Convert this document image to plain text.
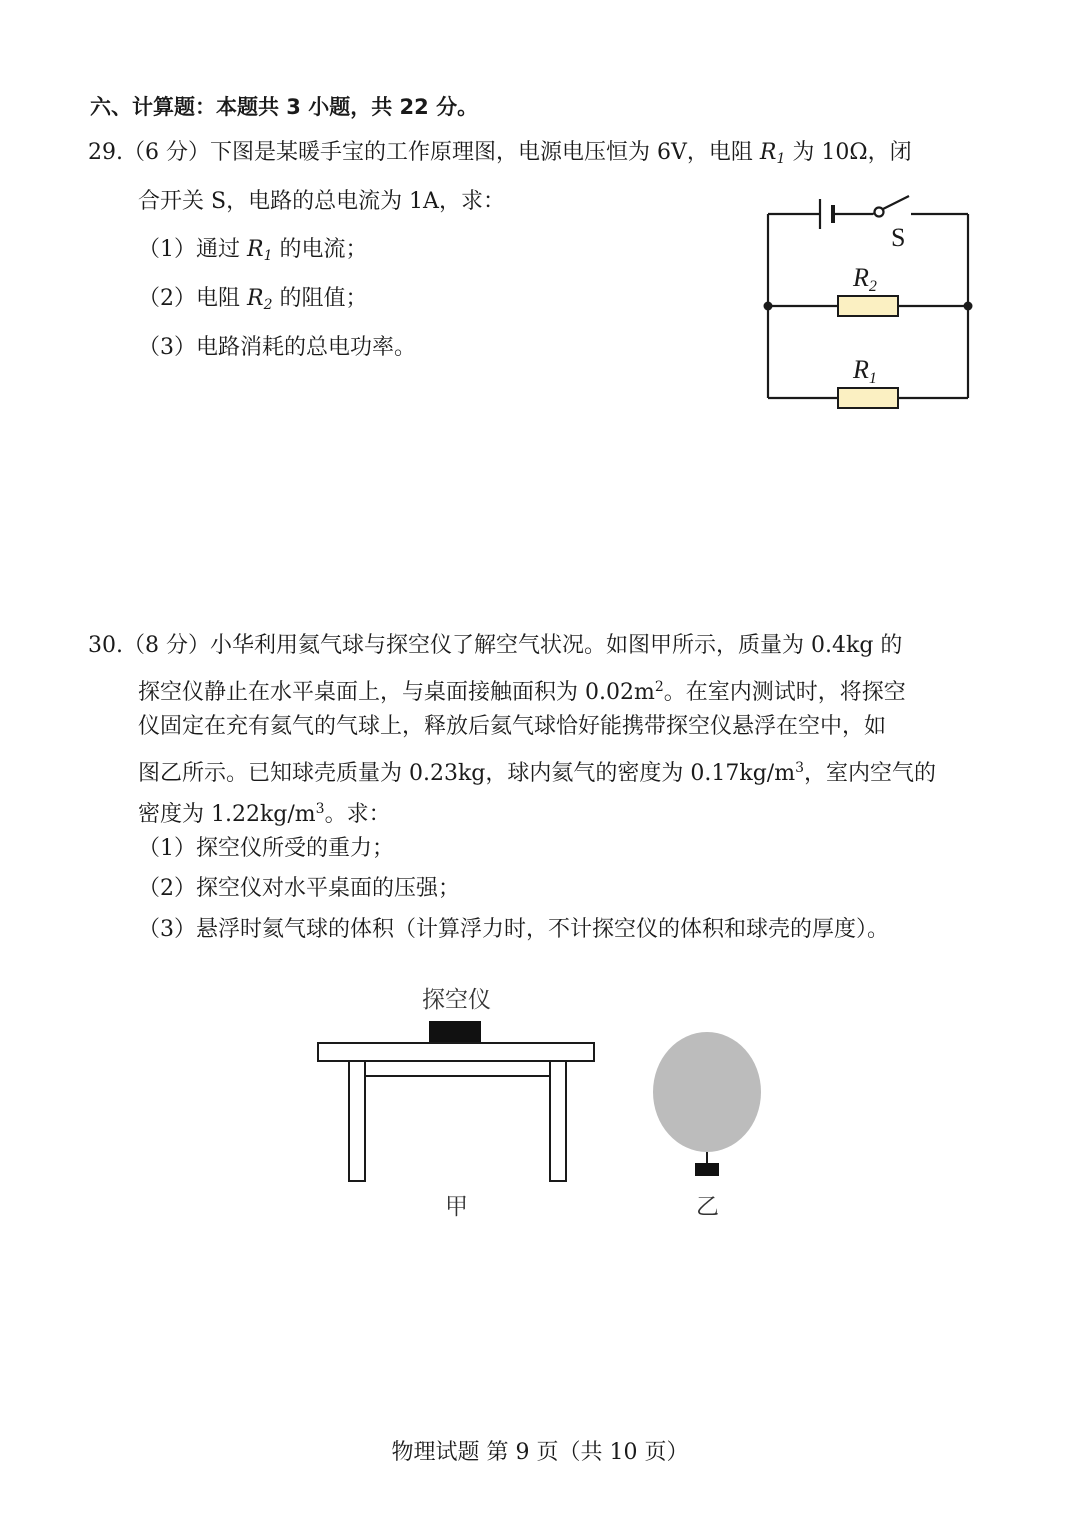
六、计算题：本题共 3 小题，共 22 分。
29.（6 分）下图是某暖手宝的工作原理图，电源电压恒为 6V，电阻 $R_1$ 为 10Ω，闭
合开关 S，电路的总电流为 1A，求：
（1）通过 $R_1$ 的电流；
（2）电阻 $R_2$ 的阻值；
（3）电路消耗的总电功率。
S
R2
R1
30.（8 分）小华利用氦气球与探空仪了解空气状况。如图甲所示，质量为 0.4kg 的
探空仪静止在水平桌面上，与桌面接触面积为 $0.02m^2$。在室内测试时，将探空
仪固定在充有氦气的气球上，释放后氦气球恰好能携带探空仪悬浮在空中，如
图乙所示。已知球壳质量为 0.23kg，球内氦气的密度为 $0.17kg/m^3$，室内空气的
密度为 $1.22kg/m^3$。求：
（1）探空仪所受的重力；
（2）探空仪对水平桌面的压强；
（3）悬浮时氦气球的体积（计算浮力时，不计探空仪的体积和球壳的厚度）。
探空仪
甲	乙
物理试题 第 9 页（共 10 页）
